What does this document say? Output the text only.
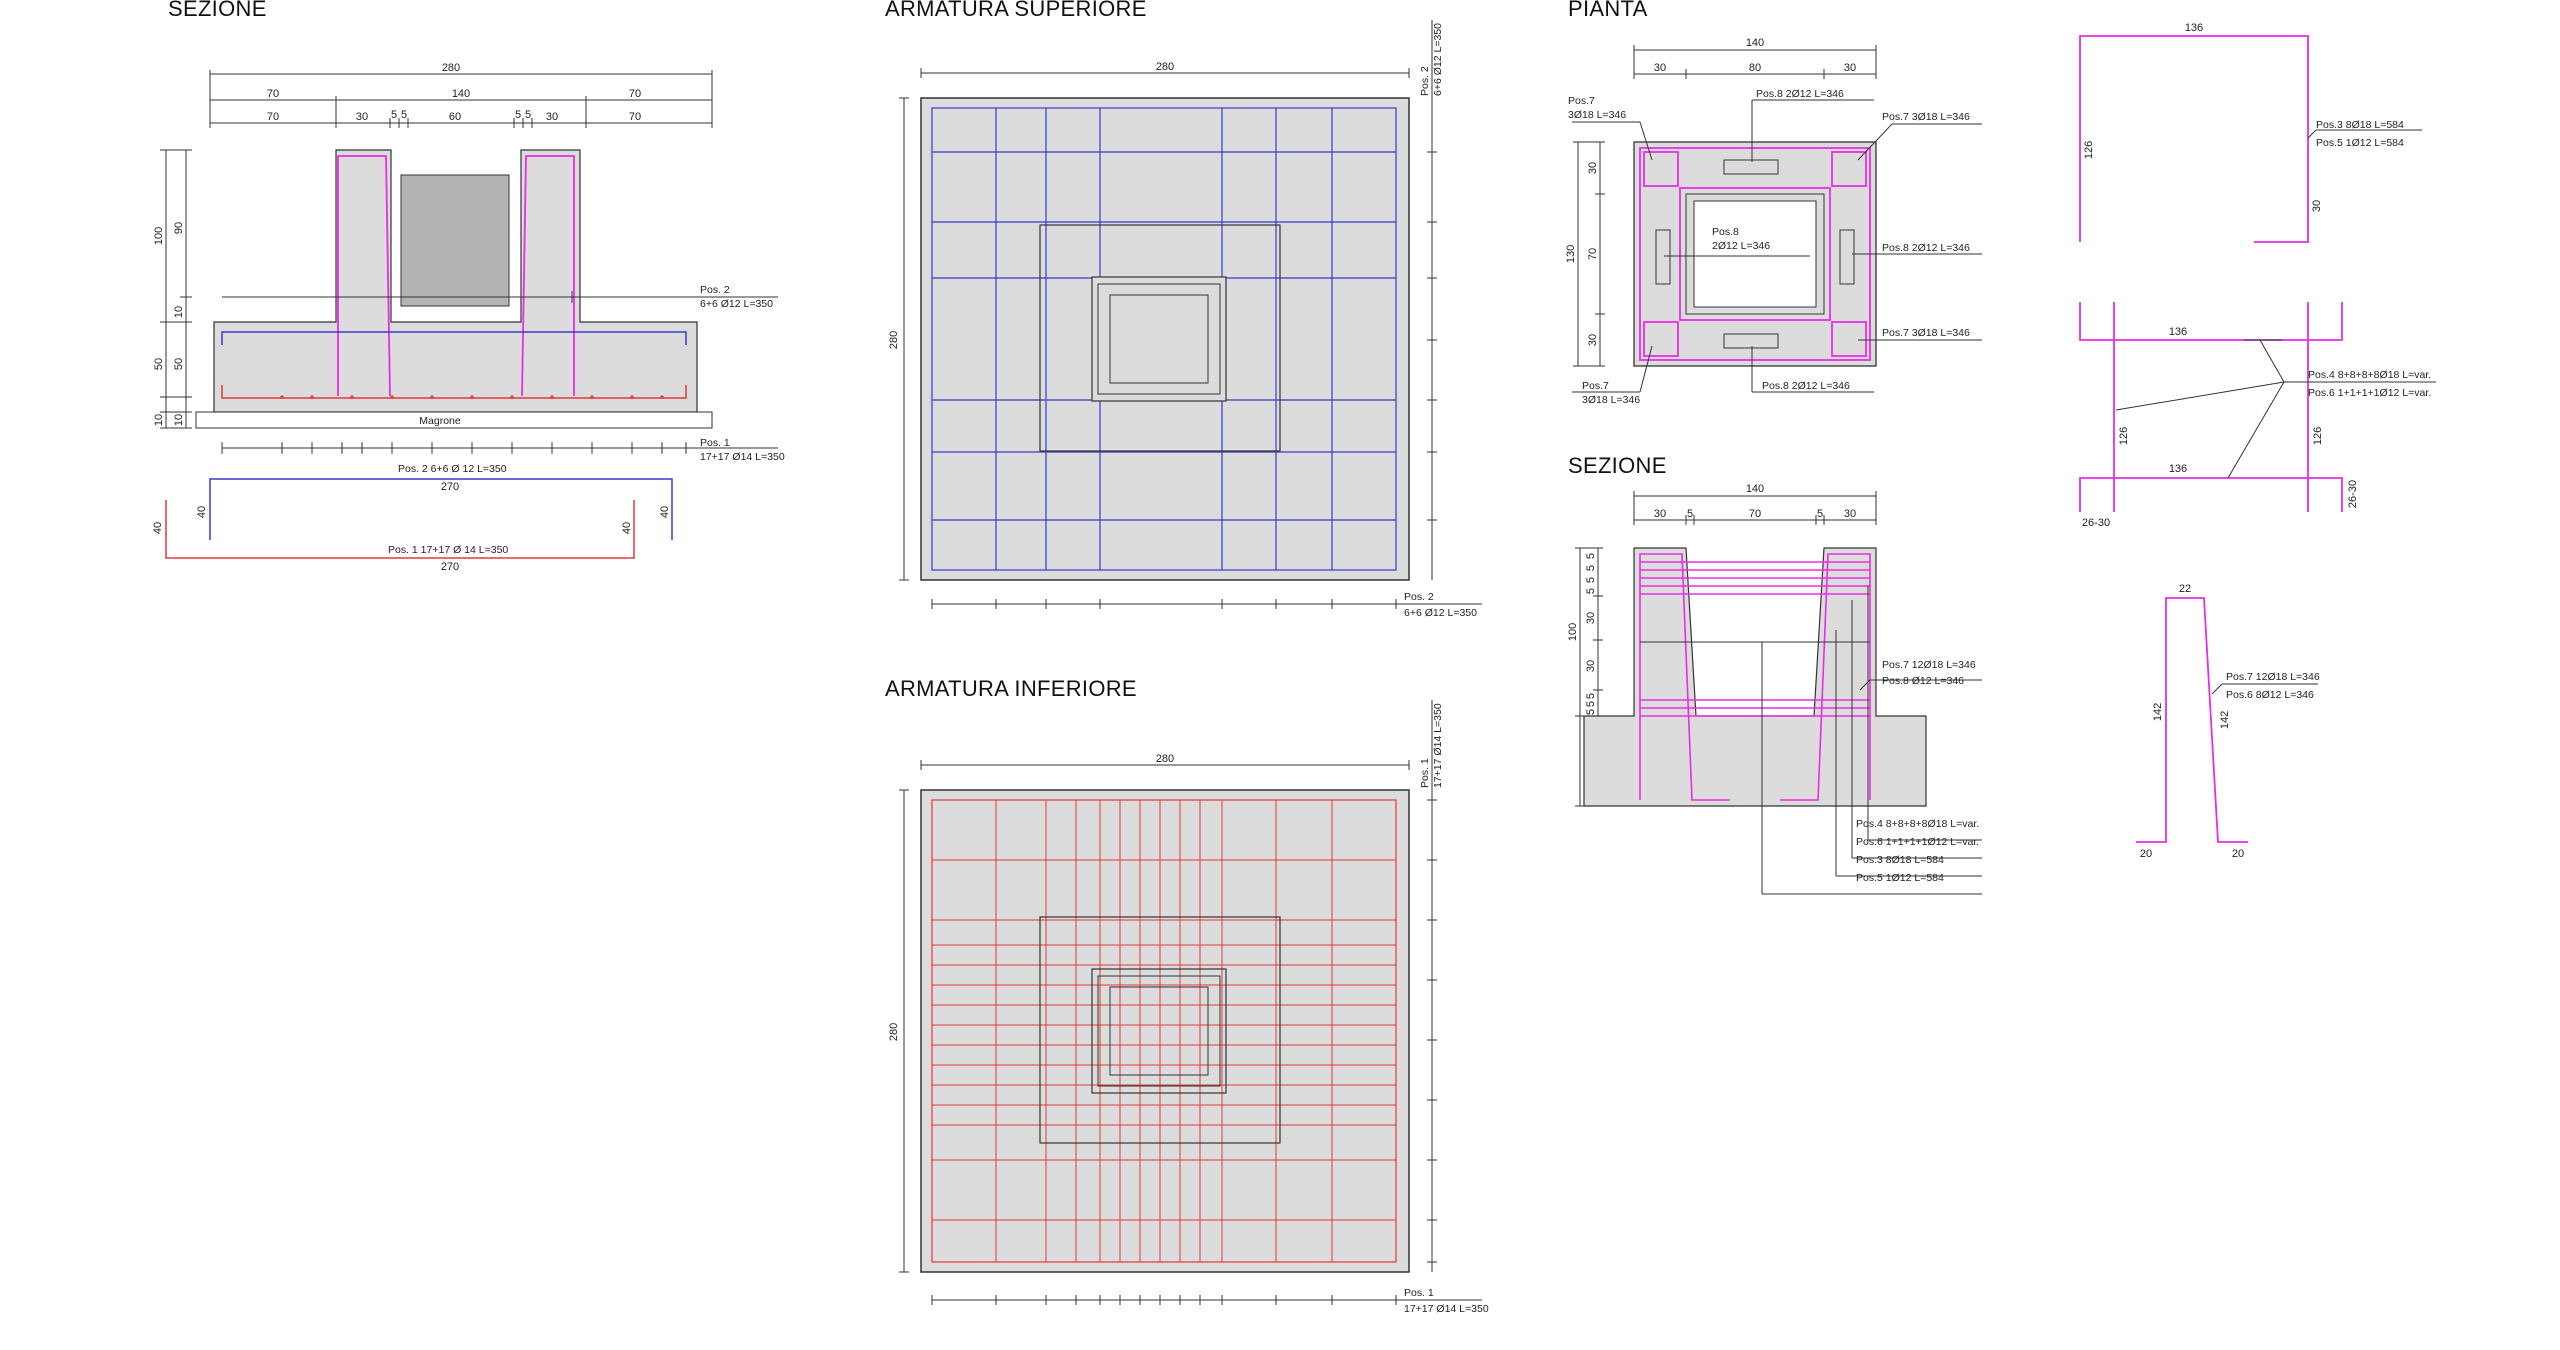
SEZIONE	ARMATURA SUPERIORE
ARMATURA INFERIORE
PIANTA
SEZIONE
280
70	140	70
70	30 5 5	60	5 5 30	70
100 90
10
50 50
10 10	Magrone
Pos. 2
6+6 Ø12 L=350
Pos. 1
17+17 Ø14 L=350
Pos. 2 6+6 Ø 12 L=350
270
40	40
Pos. 1 17+17 Ø 14 L=350
270
40	40
280
280
Pos. 2 6+6 Ø12 L=350
Pos. 2
6+6 Ø12 L=350
280
280
Pos. 1 17+17 Ø14 L=350
Pos. 1
17+17 Ø14 L=350
140
30	80	30
30
70
130
30
Pos.7
3Ø18 L=346
Pos.8 2Ø12 L=346
Pos.7 3Ø18 L=346
Pos.8
2Ø12 L=346	Pos.8 2Ø12 L=346
Pos.7 3Ø18 L=346
Pos.7
3Ø18 L=346
Pos.8 2Ø12 L=346
140
30 5	70	5 30
5
5
5
5
30
30
5
5
5
100
Pos.7 12Ø18 L=346
Pos.8 Ø12 L=346
Pos.4 8+8+8+8Ø18 L=var.
Pos.6 1+1+1+1Ø12 L=var.
Pos.3 8Ø18 L=584
Pos.5 1Ø12 L=584
136
126
30
Pos.3 8Ø18 L=584
Pos.5 1Ø12 L=584
136
136
126	126
26-30
26-30
Pos.4 8+8+8+8Ø18 L=var.
Pos.6 1+1+1+1Ø12 L=var.
22
142	142
20	20
Pos.7 12Ø18 L=346
Pos.6 8Ø12 L=346
